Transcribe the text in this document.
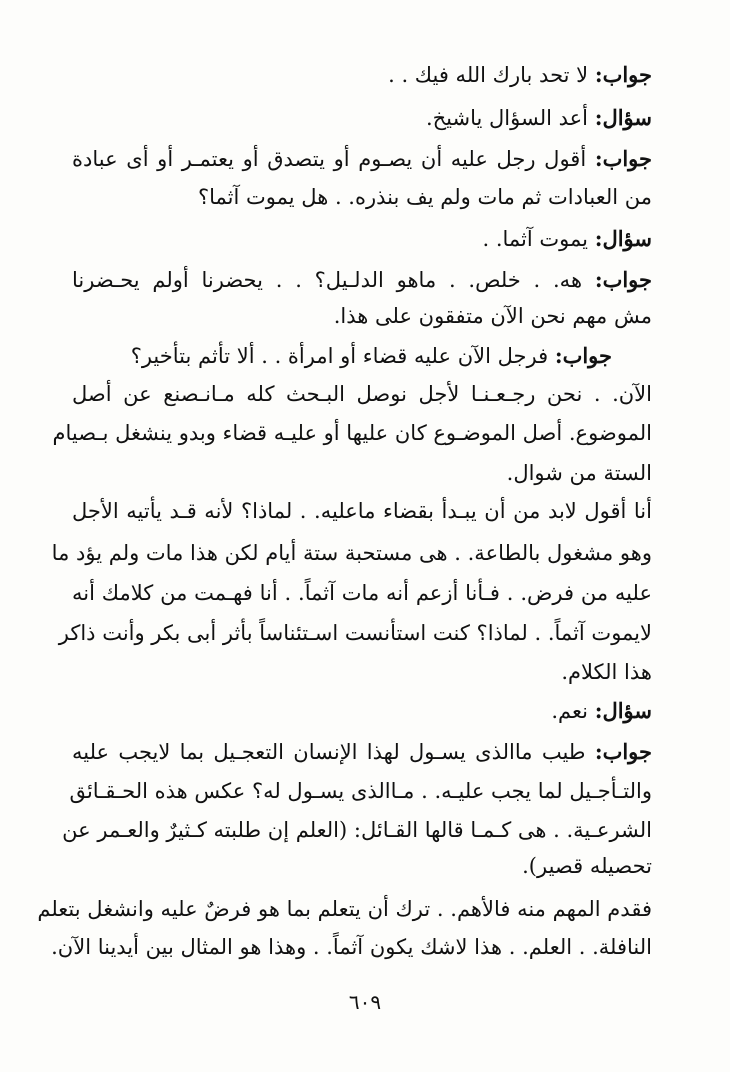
جواب: لا تحد بارك الله فيك . .
سؤال: أعد السؤال ياشيخ.
جواب: أقول رجل عليه أن يصـوم أو يتصدق أو يعتمـر أو أى عبادة
من العبادات ثم مات ولم يف بنذره. . هل يموت آثما؟
سؤال: يموت آثما. .
جواب: هه. . خلص. . ماهو الدلـيل؟ . . يحضرنا أولم يحـضرنا
مش مهم نحن الآن متفقون على هذا.
جواب: فرجل الآن عليه قضاء أو امرأة . . ألا تأثم بتأخير؟
الآن. . نحن رجـعـنـا لأجل نوصل البـحث كله مـانـصنع عن أصل
الموضوع. أصل الموضـوع كان عليها أو عليـه قضاء وبدو ينشغل بـصيام
الستة من شوال.
أنا أقول لابد من أن يبـدأ بقضاء ماعليه. . لماذا؟ لأنه قـد يأتيه الأجل
وهو مشغول بالطاعة. . هى مستحبة ستة أيام لكن هذا مات ولم يؤد ما
عليه من فرض. . فـأنا أزعم أنه مات آثماً. . أنا فهـمت من كلامك أنه
لايموت آثماً. . لماذا؟ كنت استأنست اسـتئناساً بأثر أبى بكر وأنت ذاكر
هذا الكلام.
سؤال: نعم.
جواب: طيب ماالذى يسـول لهذا الإنسان التعجـيل بما لايجب عليه
والتـأجـيل لما يجب عليـه. . مـاالذى يسـول له؟ عكس هذه الحـقـائق
الشرعـية. . هى كـمـا قالها القـائل: (العلم إن طلبته كـثيرٌ والعـمر عن
تحصيله قصير).
فقدم المهم منه فالأهم. . ترك أن يتعلم بما هو فرضٌ عليه وانشغل بتعلم
النافلة. . العلم. . هذا لاشك يكون آثماً. . وهذا هو المثال بين أيدينا الآن.
٦٠٩
